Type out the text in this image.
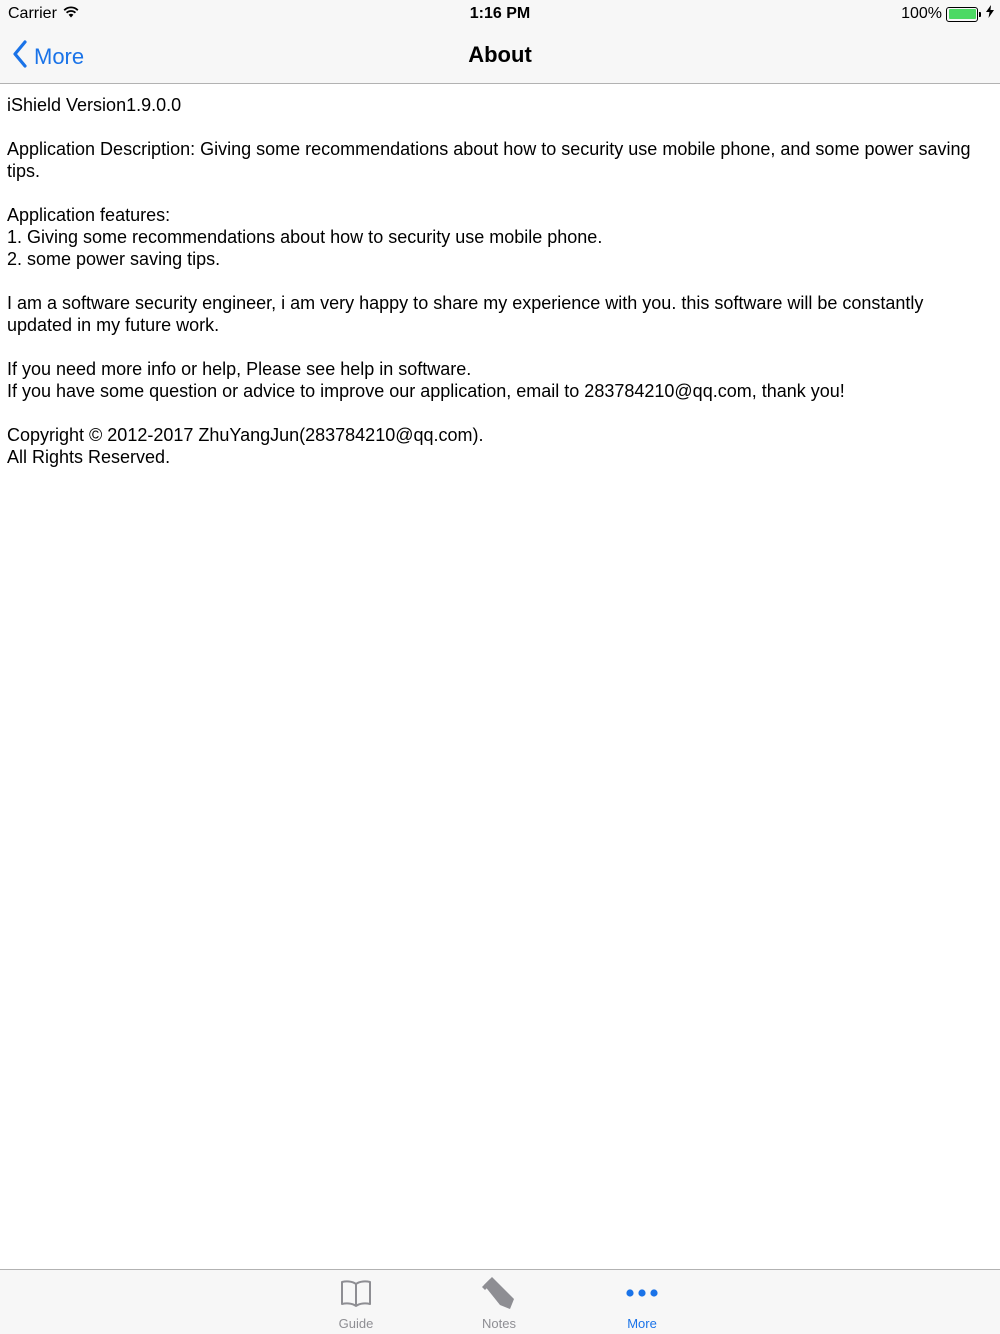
Carrier	1:16 PM	100%
More	About

iShield Version1.9.0.0

Application Description: Giving some recommendations about how to security use mobile phone, and some power saving tips.

Application features:

1. Giving some recommendations about how to security use mobile phone.

2. some power saving tips.

I am a software security engineer, i am very happy to share my experience with you. this software will be constantly updated in my future work.

If you need more info or help, Please see help in software.

If you have some question or advice to improve our application, email to 283784210@qq.com, thank you!

Copyright © 2012-2017 ZhuYangJun(283784210@qq.com).

All Rights Reserved.

Guide	Notes	More
